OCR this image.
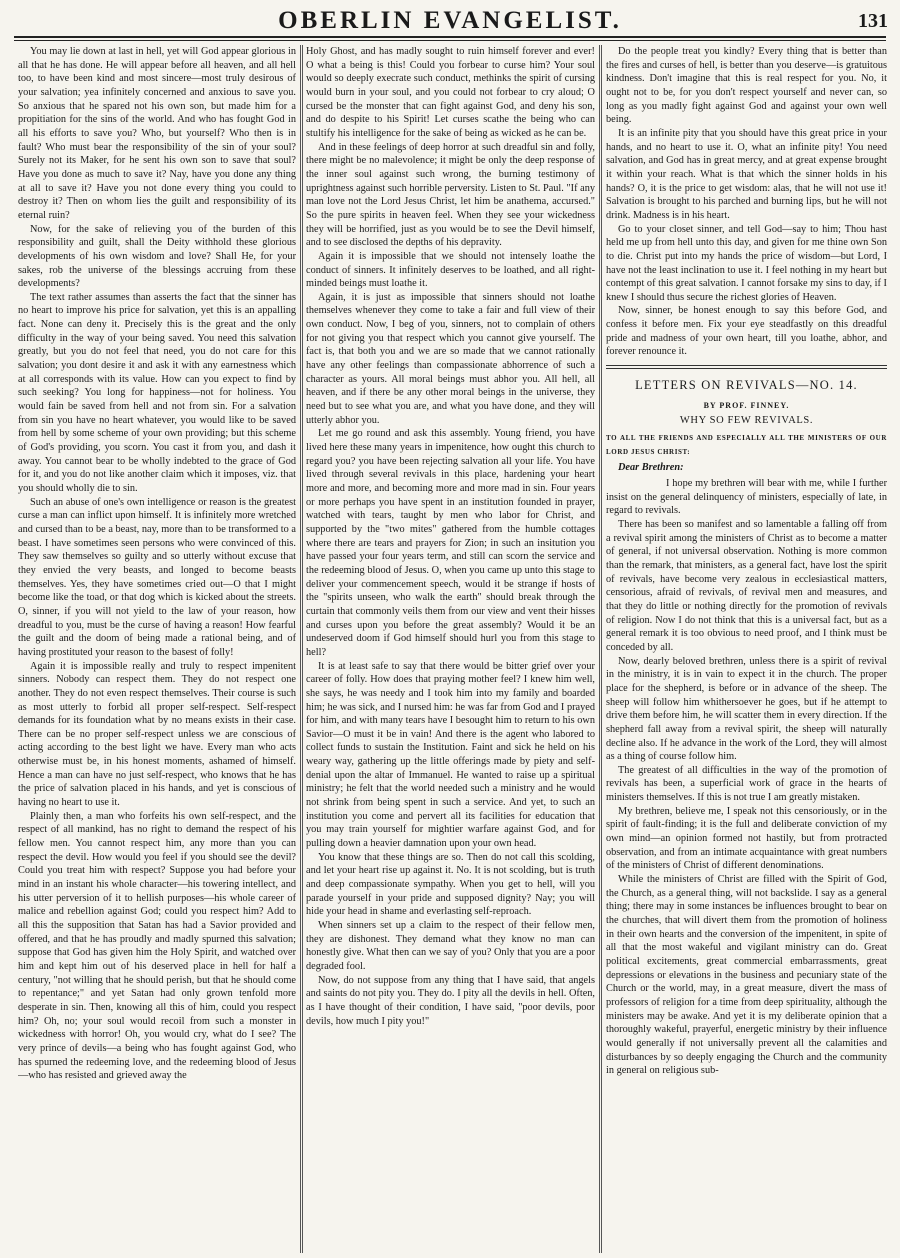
OBERLIN EVANGELIST.	131

You may lie down at last in hell, yet will God appear glorious in all that he has done. He will appear before all heaven, and all hell too, to have been kind and most sincere—most truly desirous of your salvation; yea infinitely concerned and anxious to save you. So anxious that he spared not his own son, but made him for a propitiation for the sins of the world. And who has fought God in all his efforts to save you? Who, but yourself? Who then is in fault? Who must bear the responsibility of the sin of your soul? Surely not its Maker, for he sent his own son to save that soul? Have you done as much to save it? Nay, have you done any thing at all to save it? Have you not done every thing you could to destroy it? Then on whom lies the guilt and responsibility of its eternal ruin?

Now, for the sake of relieving you of the burden of this responsibility and guilt, shall the Deity withhold these glorious developments of his own wisdom and love? Shall He, for your sakes, rob the universe of the blessings accruing from these developments?

The text rather assumes than asserts the fact that the sinner has no heart to improve his price for salvation, yet this is an appalling fact. None can deny it. Precisely this is the great and the only difficulty in the way of your being saved. You need this salvation greatly, but you do not feel that need, you do not care for this salvation; you dont desire it and ask it with any earnestness which at all corresponds with its value. How can you expect to find by such seeking? You long for happiness—not for holiness. You would fain be saved from hell and not from sin. For a salvation from sin you have no heart whatever, you would like to be saved from hell by some scheme of your own providing; but this scheme of God's providing, you scorn. You cast it from you, and dash it away. You cannot bear to be wholly indebted to the grace of God for it, and you do not like another claim which it imposes, viz. that you should wholly die to sin.

Such an abuse of one's own intelligence or reason is the greatest curse a man can inflict upon himself. It is infinitely more wretched and cursed than to be a beast, nay, more than to be transformed to a beast. I have sometimes seen persons who were convinced of this. They saw themselves so guilty and so utterly without excuse that they envied the very beasts, and longed to become beasts themselves. Yes, they have sometimes cried out—O that I might become like the toad, or that dog which is kicked about the streets. O, sinner, if you will not yield to the law of your reason, how dreadful to you, must be the curse of having a reason! How fearful the guilt and the doom of being made a rational being, and of having prostituted your reason to the basest of folly!

Again it is impossible really and truly to respect impenitent sinners. Nobody can respect them. They do not respect one another. They do not even respect themselves. Their course is such as most utterly to forbid all proper self-respect. Self-respect demands for its foundation what by no means exists in their case. There can be no proper self-respect unless we are conscious of acting according to the best light we have. Every man who acts otherwise must be, in his honest moments, ashamed of himself. Hence a man can have no just self-respect, who knows that he has the price of salvation placed in his hands, and yet is conscious of having no heart to use it.

Plainly then, a man who forfeits his own self-respect, and the respect of all mankind, has no right to demand the respect of his fellow men. You cannot respect him, any more than you can respect the devil. How would you feel if you should see the devil? Could you treat him with respect? Suppose you had before your mind in an instant his whole character—his towering intellect, and his utter perversion of it to hellish purposes—his whole career of malice and rebellion against God; could you respect him? Add to all this the supposition that Satan has had a Savior provided and offered, and that he has proudly and madly spurned this salvation; suppose that God has given him the Holy Spirit, and watched over him and kept him out of his deserved place in hell for half a century, "not willing that he should perish, but that he should come to repentance;" and yet Satan had only grown tenfold more desperate in sin. Then, knowing all this of him, could you respect him? Oh, no; your soul would recoil from such a monster in wickedness with horror! Oh, you would cry, what do I see? The very prince of devils—a being who has fought against God, who has spurned the redeeming love, and the redeeming blood of Jesus—who has resisted and grieved away the

Holy Ghost, and has madly sought to ruin himself forever and ever! O what a being is this! Could you forbear to curse him? Your soul would so deeply execrate such conduct, methinks the spirit of cursing would burn in your soul, and you could not forbear to cry aloud; O cursed be the monster that can fight against God, and deny his son, and do despite to his Spirit! Let curses scathe the being who can stultify his intelligence for the sake of being as wicked as he can be.

And in these feelings of deep horror at such dreadful sin and folly, there might be no malevolence; it might be only the deep response of the inner soul against such wrong, the burning testimony of uprightness against such horrible perversity. Listen to St. Paul. "If any man love not the Lord Jesus Christ, let him be anathema, accursed." So the pure spirits in heaven feel. When they see your wickedness they will be horrified, just as you would be to see the Devil himself, and to see disclosed the depths of his depravity.

Again it is impossible that we should not intensely loathe the conduct of sinners. It infinitely deserves to be loathed, and all right-minded beings must loathe it.

Again, it is just as impossible that sinners should not loathe themselves whenever they come to take a fair and full view of their own conduct. Now, I beg of you, sinners, not to complain of others for not giving you that respect which you cannot give yourself. The fact is, that both you and we are so made that we cannot rationally have any other feelings than compassionate abhorrence of such a character as yours. All moral beings must abhor you. All hell, all heaven, and if there be any other moral beings in the universe, they need but to see what you are, and what you have done, and they will utterly abhor you.

Let me go round and ask this assembly. Young friend, you have lived here these many years in impenitence, how ought this church to regard you? you have been rejecting salvation all your life. You have lived through several revivals in this place, hardening your heart more and more, and becoming more and more mad in sin. Four years or more perhaps you have spent in an institution founded in prayer, watched with tears, taught by men who labor for Christ, and supported by the "two mites" gathered from the humble cottages where there are tears and prayers for Zion; in such an insitution you have passed your four years term, and still can scorn the service and the redeeming blood of Jesus. O, when you came up unto this stage to deliver your commencement speech, would it be strange if hosts of the "spirits unseen, who walk the earth" should break through the curtain that commonly veils them from our view and vent their hisses and curses upon you before the great assembly? Would it be an undeserved doom if God himself should hurl you from this stage to hell?

It is at least safe to say that there would be bitter grief over your career of folly. How does that praying mother feel? I knew him well, she says, he was needy and I took him into my family and boarded him; he was sick, and I nursed him: he was far from God and I prayed for him, and with many tears have I besought him to return to his own Savior—O must it be in vain! And there is the agent who labored to collect funds to sustain the Institution. Faint and sick he held on his weary way, gathering up the little offerings made by piety and self-denial upon the altar of Immanuel. He wanted to raise up a spiritual ministry; he felt that the world needed such a ministry and he would not shrink from being spent in such a service. And yet, to such an institution you come and pervert all its facilities for education that you may train yourself for mightier warfare against God, and for pulling down a heavier damnation upon your own head.

You know that these things are so. Then do not call this scolding, and let your heart rise up against it. No. It is not scolding, but is truth and deep compassionate sympathy. When you get to hell, will you parade yourself in your pride and supposed dignity? Nay; you will hide your head in shame and everlasting self-reproach.

When sinners set up a claim to the respect of their fellow men, they are dishonest. They demand what they know no man can honestly give. What then can we say of you? Only that you are a poor degraded fool.

Now, do not suppose from any thing that I have said, that angels and saints do not pity you. They do. I pity all the devils in hell. Often, as I have thought of their condition, I have said, "poor devils, poor devils, how much I pity you!"

Do the people treat you kindly? Every thing that is better than the fires and curses of hell, is better than you deserve—is gratuitous kindness. Don't imagine that this is real respect for you. No, it ought not to be, for you don't respect yourself and never can, so long as you madly fight against God and against your own well being.

It is an infinite pity that you should have this great price in your hands, and no heart to use it. O, what an infinite pity! You need salvation, and God has in great mercy, and at great expense brought it within your reach. What is that which the sinner holds in his hands? O, it is the price to get wisdom: alas, that he will not use it! Salvation is brought to his parched and burning lips, but he will not drink. Madness is in his heart.

Go to your closet sinner, and tell God—say to him; Thou hast held me up from hell unto this day, and given for me thine own Son to die. Christ put into my hands the price of wisdom—but Lord, I have not the least inclination to use it. I feel nothing in my heart but contempt of this great salvation. I cannot forsake my sins to day, if I knew I should thus secure the richest glories of Heaven.

Now, sinner, be honest enough to say this before God, and confess it before men. Fix your eye steadfastly on this dreadful pride and madness of your own heart, till you loathe, abhor, and forever renounce it.

LETTERS ON REVIVALS—NO. 14.
BY PROF. FINNEY.
WHY SO FEW REVIVALS.
TO ALL THE FRIENDS AND ESPECIALLY ALL THE MINISTERS OF OUR LORD JESUS CHRIST:
Dear Brethren:

I hope my brethren will bear with me, while I further insist on the general delinquency of ministers, especially of late, in regard to revivals.

There has been so manifest and so lamentable a falling off from a revival spirit among the ministers of Christ as to become a matter of general, if not universal observation. Nothing is more common than the remark, that ministers, as a general fact, have lost the spirit of revivals, have become very zealous in ecclesiastical matters, censorious, afraid of revivals, of revival men and measures, and that they do little or nothing directly for the promotion of revivals of religion. Now I do not think that this is a universal fact, but as a general remark it is too obvious to need proof, and I think must be conceded by all.

Now, dearly beloved brethren, unless there is a spirit of revival in the ministry, it is in vain to expect it in the church. The proper place for the shepherd, is before or in advance of the sheep. The sheep will follow him whithersoever he goes, but if he attempt to drive them before him, he will scatter them in every direction. If the shepherd fall away from a revival spirit, the sheep will naturally decline also. If he advance in the work of the Lord, they will almost as a thing of course follow him.

The greatest of all difficulties in the way of the promotion of revivals has been, a superficial work of grace in the hearts of ministers themselves. If this is not true I am greatly mistaken.

My brethren, believe me, I speak not this censoriously, or in the spirit of fault-finding; it is the full and deliberate conviction of my own mind—an opinion formed not hastily, but from protracted observation, and from an intimate acquaintance with great numbers of the ministers of Christ of different denominations.

While the ministers of Christ are filled with the Spirit of God, the Church, as a general thing, will not backslide. I say as a general thing; there may in some instances be influences brought to bear on the churches, that will divert them from the promotion of holiness in their own hearts and the conversion of the impenitent, in spite of all that the most wakeful and vigilant ministry can do. Great political excitements, great commercial embarrassments, great depressions or elevations in the business and pecuniary state of the Church or the world, may, in a great measure, divert the mass of professors of religion for a time from deep spirituality, although the ministers may be awake. And yet it is my deliberate opinion that a thoroughly wakeful, prayerful, energetic ministry by their influence would generally if not universally prevent all the calamities and disturbances by so deeply engaging the Church and the community in general on religious sub-
